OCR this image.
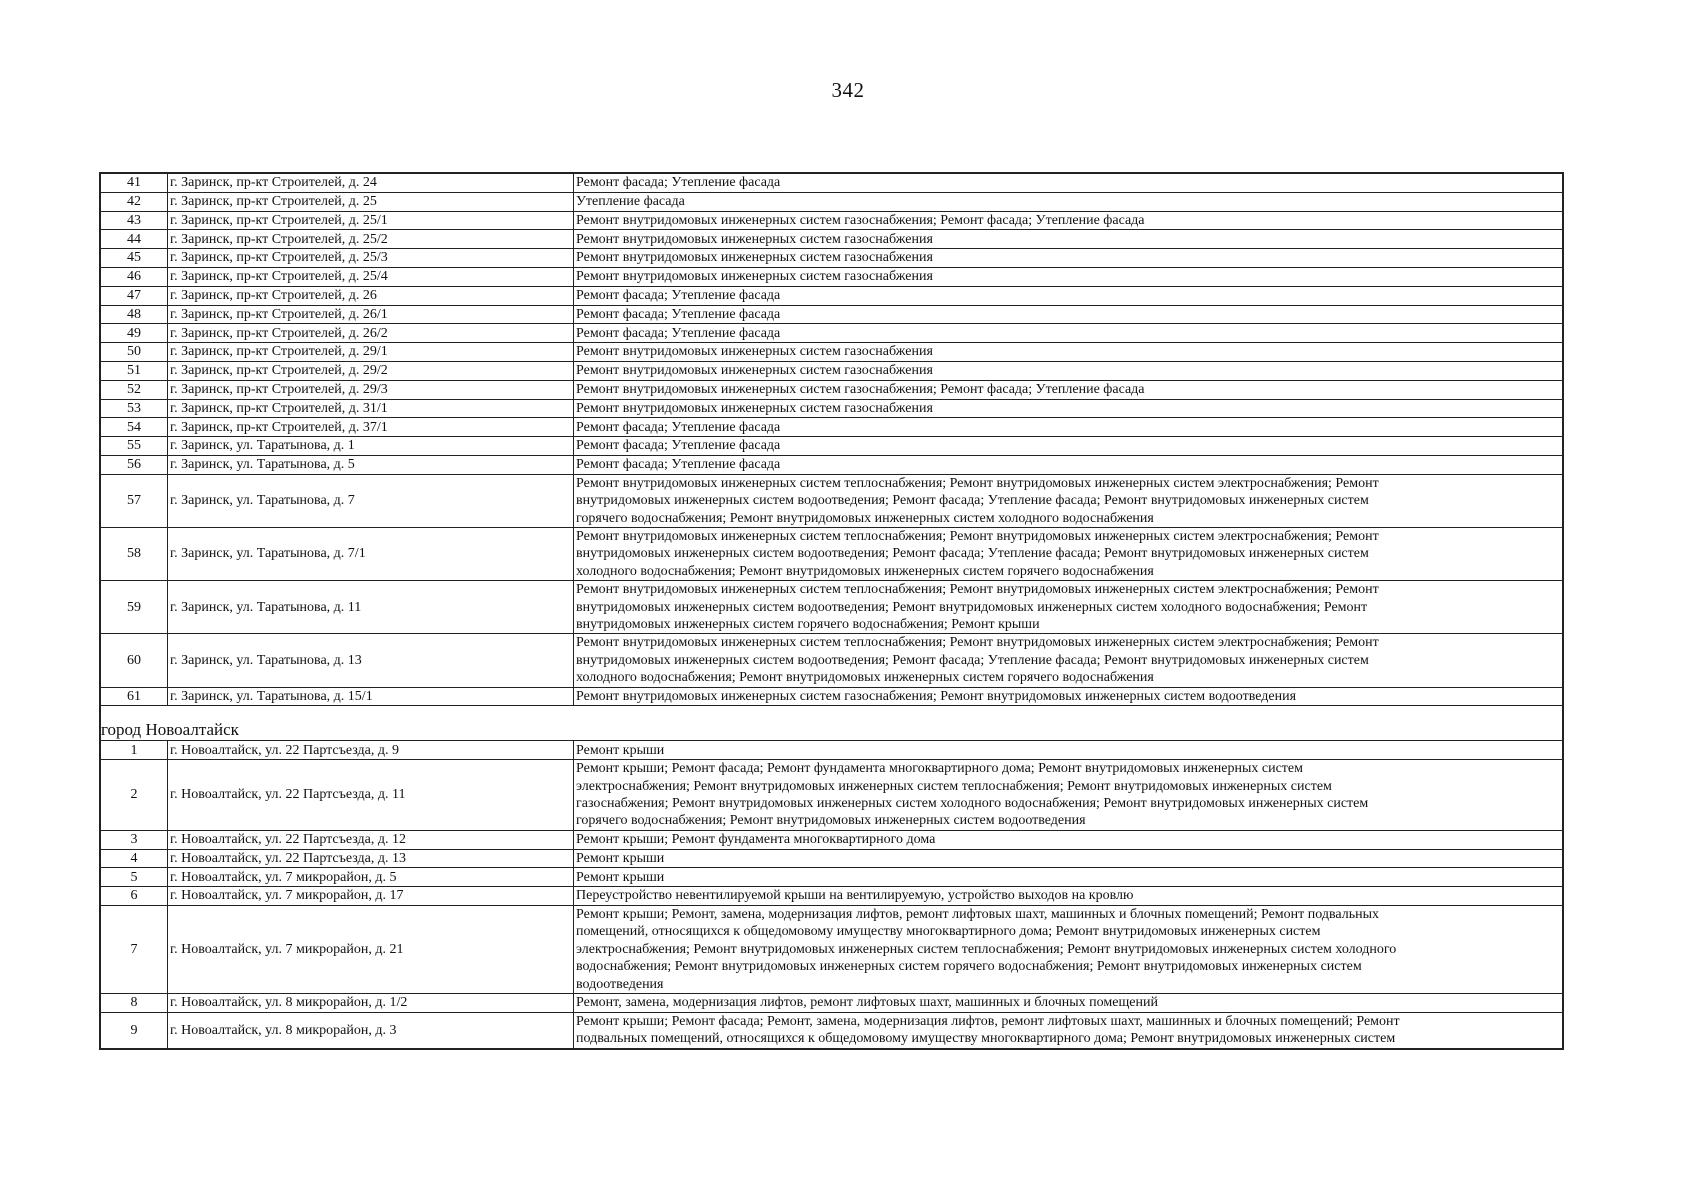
342
41	г. Заринск, пр-кт Строителей, д. 24	Ремонт фасада; Утепление фасада
42	г. Заринск, пр-кт Строителей, д. 25	Утепление фасада
43	г. Заринск, пр-кт Строителей, д. 25/1	Ремонт внутридомовых инженерных систем газоснабжения; Ремонт фасада; Утепление фасада
44	г. Заринск, пр-кт Строителей, д. 25/2	Ремонт внутридомовых инженерных систем газоснабжения
45	г. Заринск, пр-кт Строителей, д. 25/3	Ремонт внутридомовых инженерных систем газоснабжения
46	г. Заринск, пр-кт Строителей, д. 25/4	Ремонт внутридомовых инженерных систем газоснабжения
47	г. Заринск, пр-кт Строителей, д. 26	Ремонт фасада; Утепление фасада
48	г. Заринск, пр-кт Строителей, д. 26/1	Ремонт фасада; Утепление фасада
49	г. Заринск, пр-кт Строителей, д. 26/2	Ремонт фасада; Утепление фасада
50	г. Заринск, пр-кт Строителей, д. 29/1	Ремонт внутридомовых инженерных систем газоснабжения
51	г. Заринск, пр-кт Строителей, д. 29/2	Ремонт внутридомовых инженерных систем газоснабжения
52	г. Заринск, пр-кт Строителей, д. 29/3	Ремонт внутридомовых инженерных систем газоснабжения; Ремонт фасада; Утепление фасада
53	г. Заринск, пр-кт Строителей, д. 31/1	Ремонт внутридомовых инженерных систем газоснабжения
54	г. Заринск, пр-кт Строителей, д. 37/1	Ремонт фасада; Утепление фасада
55	г. Заринск, ул. Таратынова, д. 1	Ремонт фасада; Утепление фасада
56	г. Заринск, ул. Таратынова, д. 5	Ремонт фасада; Утепление фасада
57	г. Заринск, ул. Таратынова, д. 7	Ремонт внутридомовых инженерных систем теплоснабжения; Ремонт внутридомовых инженерных систем электроснабжения; Ремонт
внутридомовых инженерных систем водоотведения; Ремонт фасада; Утепление фасада; Ремонт внутридомовых инженерных систем
горячего водоснабжения; Ремонт внутридомовых инженерных систем холодного водоснабжения

58	г. Заринск, ул. Таратынова, д. 7/1	Ремонт внутридомовых инженерных систем теплоснабжения; Ремонт внутридомовых инженерных систем электроснабжения; Ремонт
внутридомовых инженерных систем водоотведения; Ремонт фасада; Утепление фасада; Ремонт внутридомовых инженерных систем
холодного водоснабжения; Ремонт внутридомовых инженерных систем горячего водоснабжения

59	г. Заринск, ул. Таратынова, д. 11	Ремонт внутридомовых инженерных систем теплоснабжения; Ремонт внутридомовых инженерных систем электроснабжения; Ремонт
внутридомовых инженерных систем водоотведения; Ремонт внутридомовых инженерных систем холодного водоснабжения; Ремонт
внутридомовых инженерных систем горячего водоснабжения; Ремонт крыши

60	г. Заринск, ул. Таратынова, д. 13	Ремонт внутридомовых инженерных систем теплоснабжения; Ремонт внутридомовых инженерных систем электроснабжения; Ремонт
внутридомовых инженерных систем водоотведения; Ремонт фасада; Утепление фасада; Ремонт внутридомовых инженерных систем
холодного водоснабжения; Ремонт внутридомовых инженерных систем горячего водоснабжения

61	г. Заринск, ул. Таратынова, д. 15/1	Ремонт внутридомовых инженерных систем газоснабжения; Ремонт внутридомовых инженерных систем водоотведения

город Новоалтайск		
1	г. Новоалтайск, ул. 22 Партсъезда, д. 9	Ремонт крыши
2	г. Новоалтайск, ул. 22 Партсъезда, д. 11	Ремонт крыши; Ремонт фасада; Ремонт фундамента многоквартирного дома; Ремонт внутридомовых инженерных систем
электроснабжения; Ремонт внутридомовых инженерных систем теплоснабжения; Ремонт внутридомовых инженерных систем
газоснабжения; Ремонт внутридомовых инженерных систем холодного водоснабжения; Ремонт внутридомовых инженерных систем
горячего водоснабжения; Ремонт внутридомовых инженерных систем водоотведения

3	г. Новоалтайск, ул. 22 Партсъезда, д. 12	Ремонт крыши; Ремонт фундамента многоквартирного дома
4	г. Новоалтайск, ул. 22 Партсъезда, д. 13	Ремонт крыши
5	г. Новоалтайск, ул. 7 микрорайон, д. 5	Ремонт крыши
6	г. Новоалтайск, ул. 7 микрорайон, д. 17	Переустройство невентилируемой крыши на вентилируемую, устройство выходов на кровлю
7	г. Новоалтайск, ул. 7 микрорайон, д. 21	Ремонт крыши; Ремонт, замена, модернизация лифтов, ремонт лифтовых шахт, машинных и блочных помещений; Ремонт подвальных
помещений, относящихся к общедомовому имуществу многоквартирного дома; Ремонт внутридомовых инженерных систем
электроснабжения; Ремонт внутридомовых инженерных систем теплоснабжения; Ремонт внутридомовых инженерных систем холодного
водоснабжения; Ремонт внутридомовых инженерных систем горячего водоснабжения; Ремонт внутридомовых инженерных систем
водоотведения

8	г. Новоалтайск, ул. 8 микрорайон, д. 1/2	Ремонт, замена, модернизация лифтов, ремонт лифтовых шахт, машинных и блочных помещений
9	г. Новоалтайск, ул. 8 микрорайон, д. 3	Ремонт крыши; Ремонт фасада; Ремонт, замена, модернизация лифтов, ремонт лифтовых шахт, машинных и блочных помещений; Ремонт
подвальных помещений, относящихся к общедомовому имуществу многоквартирного дома; Ремонт внутридомовых инженерных систем
